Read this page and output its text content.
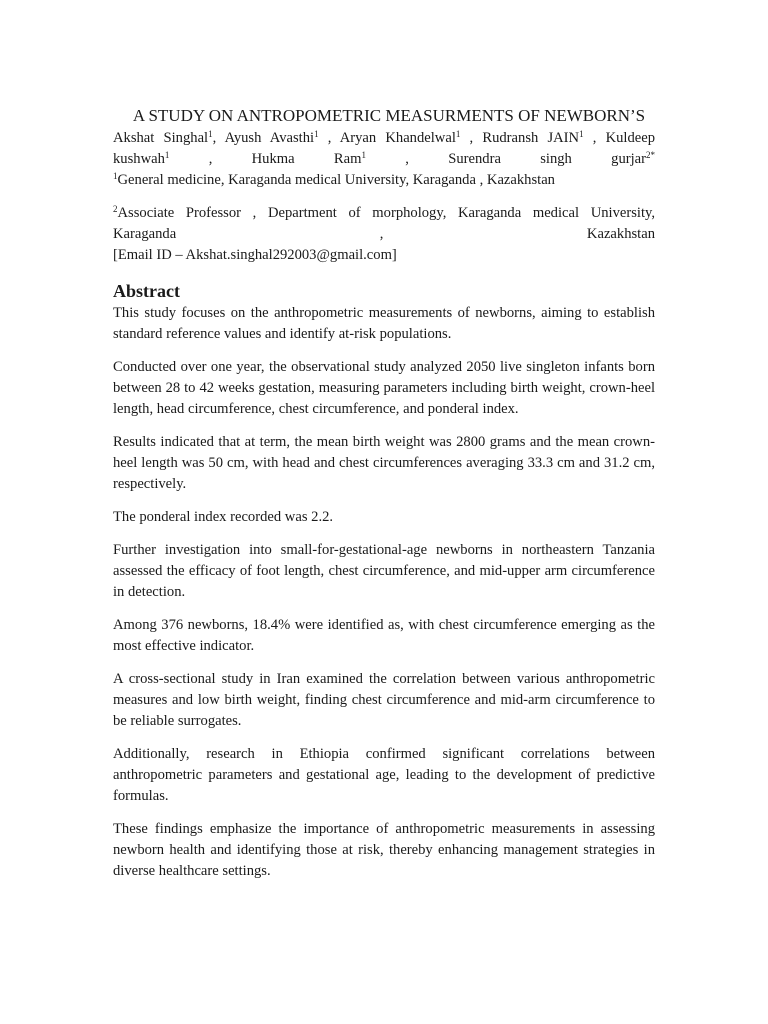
A STUDY ON ANTROPOMETRIC MEASURMENTS OF NEWBORN’S

Akshat Singhal$^1$, Ayush Avasthi$^1$ , Aryan Khandelwal$^1$ , Rudransh JAIN$^1$ , Kuldeep

kushwah$^1$	,	Hukma	Ram$^1$	,	Surendra	singh	gurjar$^{2*}$

$^1$General medicine, Karaganda medical University, Karaganda , Kazakhstan

$^2$Associate Professor , Department of morphology, Karaganda medical University,

Karaganda	,	Kazakhstan

[Email ID – Akshat.singhal292003@gmail.com]

Abstract

This study focuses on the anthropometric measurements of newborns, aiming to establish standard reference values and identify at-risk populations.

Conducted over one year, the observational study analyzed 2050 live singleton infants born between 28 to 42 weeks gestation, measuring parameters including birth weight, crown-heel length, head circumference, chest circumference, and ponderal index.

Results indicated that at term, the mean birth weight was 2800 grams and the mean crown-heel length was 50 cm, with head and chest circumferences averaging 33.3 cm and 31.2 cm, respectively.

The ponderal index recorded was 2.2.

Further investigation into small-for-gestational-age newborns in northeastern Tanzania assessed the efficacy of foot length, chest circumference, and mid-upper arm circumference in detection.

Among 376 newborns, 18.4% were identified as, with chest circumference emerging as the most effective indicator.

A cross-sectional study in Iran examined the correlation between various anthropometric measures and low birth weight, finding chest circumference and mid-arm circumference to be reliable surrogates.

Additionally, research in Ethiopia confirmed significant correlations between anthropometric parameters and gestational age, leading to the development of predictive formulas.

These findings emphasize the importance of anthropometric measurements in assessing newborn health and identifying those at risk, thereby enhancing management strategies in diverse healthcare settings.
